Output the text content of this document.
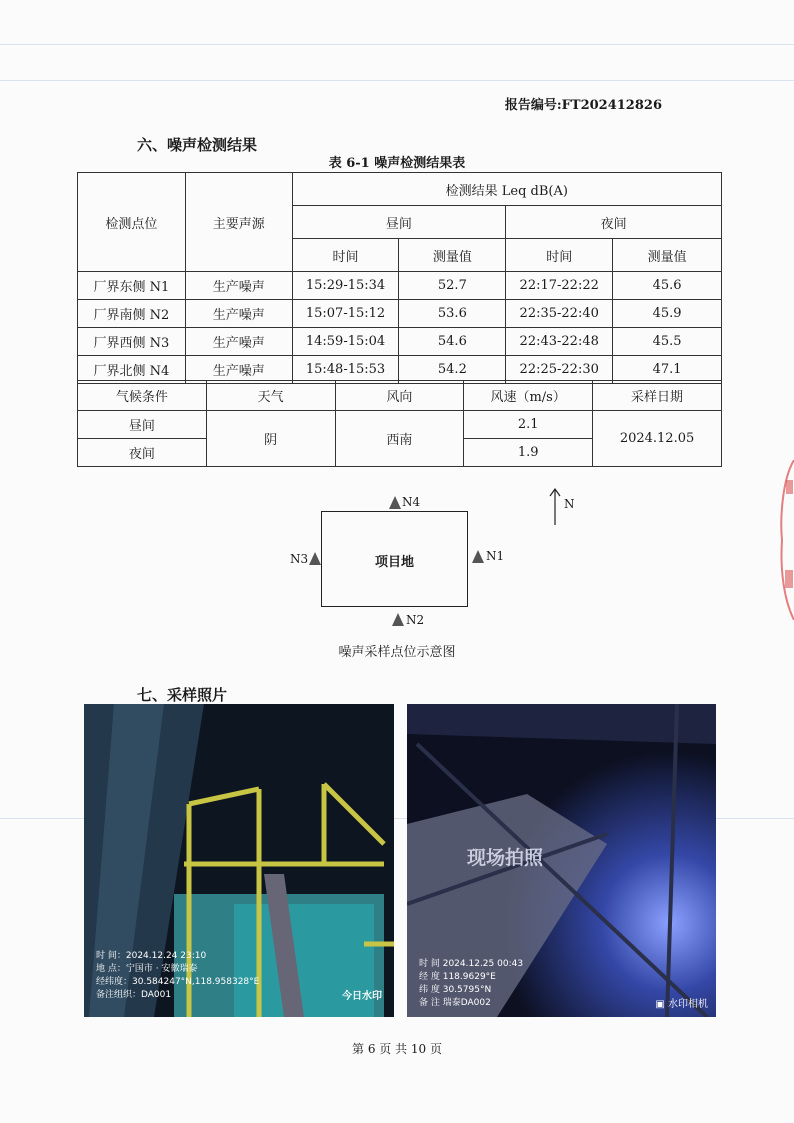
报告编号:FT202412826
六、噪声检测结果
表 6-1 噪声检测结果表
检测点位	主要声源	检测结果 Leq dB(A)			
		昼间		夜间	
		时间	测量值	时间	测量值
厂界东侧 N1	生产噪声	15:29-15:34	52.7	22:17-22:22	45.6
厂界南侧 N2	生产噪声	15:07-15:12	53.6	22:35-22:40	45.9
厂界西侧 N3	生产噪声	14:59-15:04	54.6	22:43-22:48	45.5
厂界北侧 N4	生产噪声	15:48-15:53	54.2	22:25-22:30	47.1
气候条件	天气	风向	风速（m/s）	采样日期
昼间	阴	西南	2.1	2024.12.05
夜间			1.9	
N
项目地
N4
N3	N1
N2
噪声采样点位示意图
七、采样照片
时 间：2024.12.24 23:10
地 点：宁国市 · 安徽瑞泰
经纬度：30.584247°N,118.958328°E
备注组织：DA001	今日水印
现场拍照
时 间 2024.12.25 00:43
经 度 118.9629°E
纬 度 30.5795°N
备 注 瑞泰DA002	▣ 水印相机
第 6 页 共 10 页
